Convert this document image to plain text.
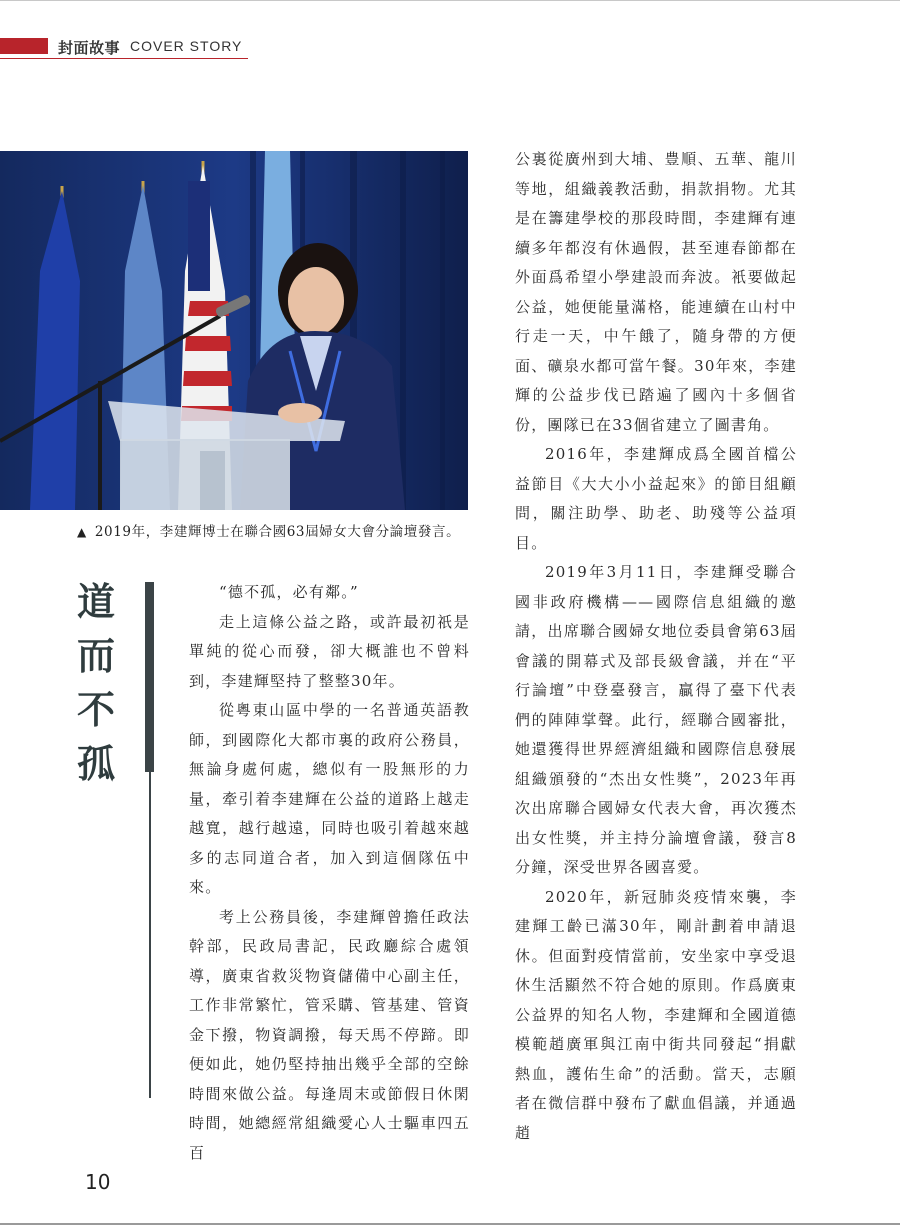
封面故事 COVER STORY
▲ 2019年，李建輝博士在聯合國63屆婦女大會分論壇發言。
道
而
不
孤

“德不孤，必有鄰。”

走上這條公益之路，或許最初祇是單純的從心而發，卻大概誰也不曾料到，李建輝堅持了整整30年。

從粵東山區中學的一名普通英語教師，到國際化大都市裏的政府公務員，無論身處何處，總似有一股無形的力量，牽引着李建輝在公益的道路上越走越寬，越行越遠，同時也吸引着越來越多的志同道合者，加入到這個隊伍中來。

考上公務員後，李建輝曾擔任政法幹部，民政局書記，民政廳綜合處領導，廣東省救災物資儲備中心副主任，工作非常繁忙，管采購、管基建、管資金下撥，物資調撥，每天馬不停蹄。即便如此，她仍堅持抽出幾乎全部的空餘時間來做公益。每逢周末或節假日休閑時間，她總經常組織愛心人士驅車四五百

公裏從廣州到大埔、豊順、五華、龍川等地，組織義教活動，捐款捐物。尤其是在籌建學校的那段時間，李建輝有連續多年都沒有休過假，甚至連春節都在外面爲希望小學建設而奔波。衹要做起公益，她便能量滿格，能連續在山村中行走一天，中午餓了，隨身帶的方便面、礦泉水都可當午餐。30年來，李建輝的公益步伐已踏遍了國內十多個省份，團隊已在33個省建立了圖書角。

2016年，李建輝成爲全國首檔公益節目《大大小小益起來》的節目組顧問，關注助學、助老、助殘等公益項目。

2019年3月11日，李建輝受聯合國非政府機構——國際信息組織的邀請，出席聯合國婦女地位委員會第63屆會議的開幕式及部長級會議，并在“平行論壇”中登臺發言，贏得了臺下代表們的陣陣掌聲。此行，經聯合國審批，她還獲得世界經濟組織和國際信息發展組織頒發的“杰出女性獎”，2023年再次出席聯合國婦女代表大會，再次獲杰出女性獎，并主持分論壇會議，發言8分鐘，深受世界各國喜愛。

2020年，新冠肺炎疫情來襲，李建輝工齡已滿30年，剛計劃着申請退休。但面對疫情當前，安坐家中享受退休生活顯然不符合她的原則。作爲廣東公益界的知名人物，李建輝和全國道德模範趙廣軍與江南中街共同發起“捐獻熱血，護佑生命”的活動。當天，志願者在微信群中發布了獻血倡議，并通過趙

10
